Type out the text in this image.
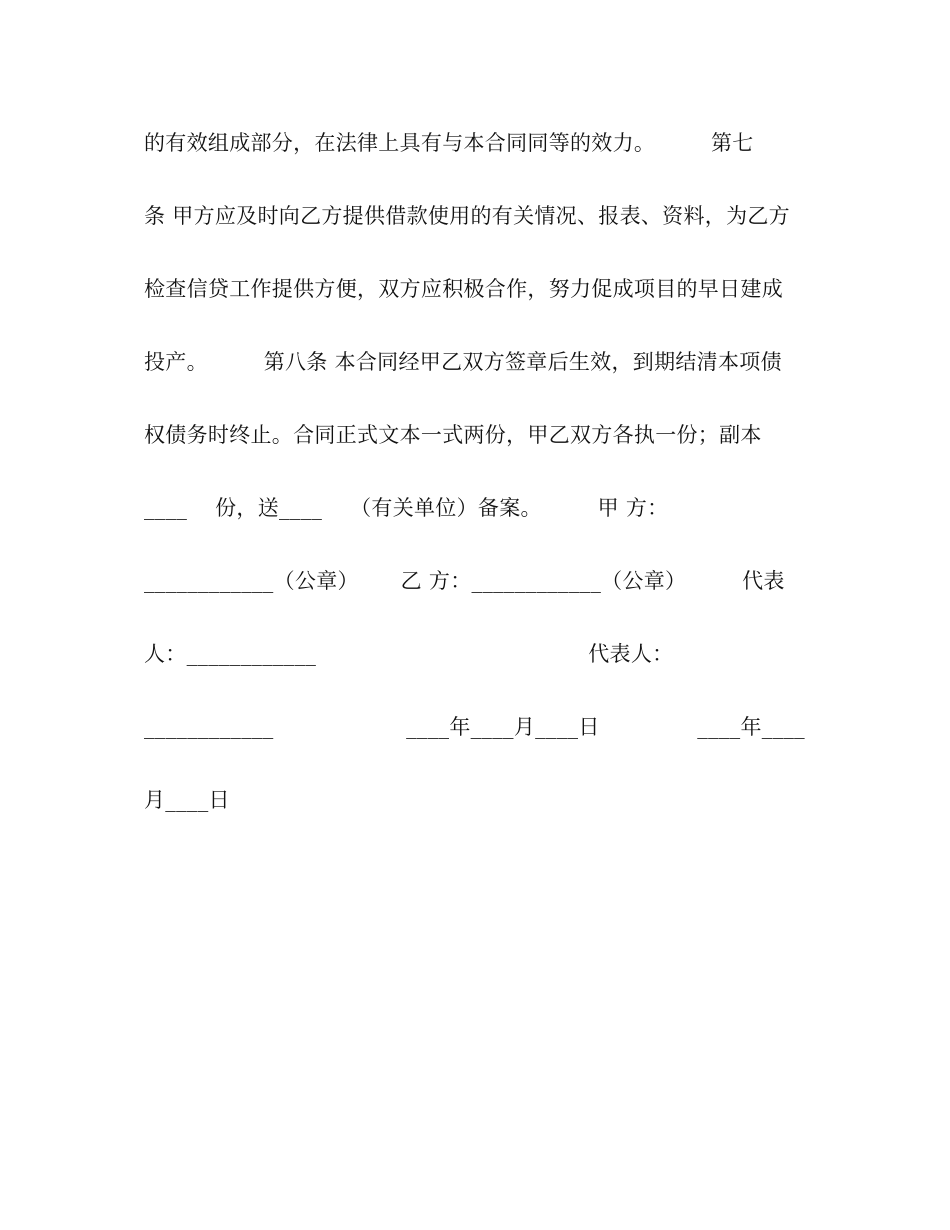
的有效组成部分，在法律上具有与本合同同等的效力。        第七
条 甲方应及时向乙方提供借款使用的有关情况、报表、资料，为乙方
检查信贷工作提供方便，双方应积极合作，努力促成项目的早日建成
投产。        第八条 本合同经甲乙双方签章后生效，到期结清本项债
权债务时终止。合同正式文本一式两份，甲乙双方各执一份；副本
____    份，送____    （有关单位）备案。        甲 方：
____________（公章）      乙 方：____________（公章）        代表
人：____________                                       代表人：
____________                   ____年____月____日              ____年____
月____日
